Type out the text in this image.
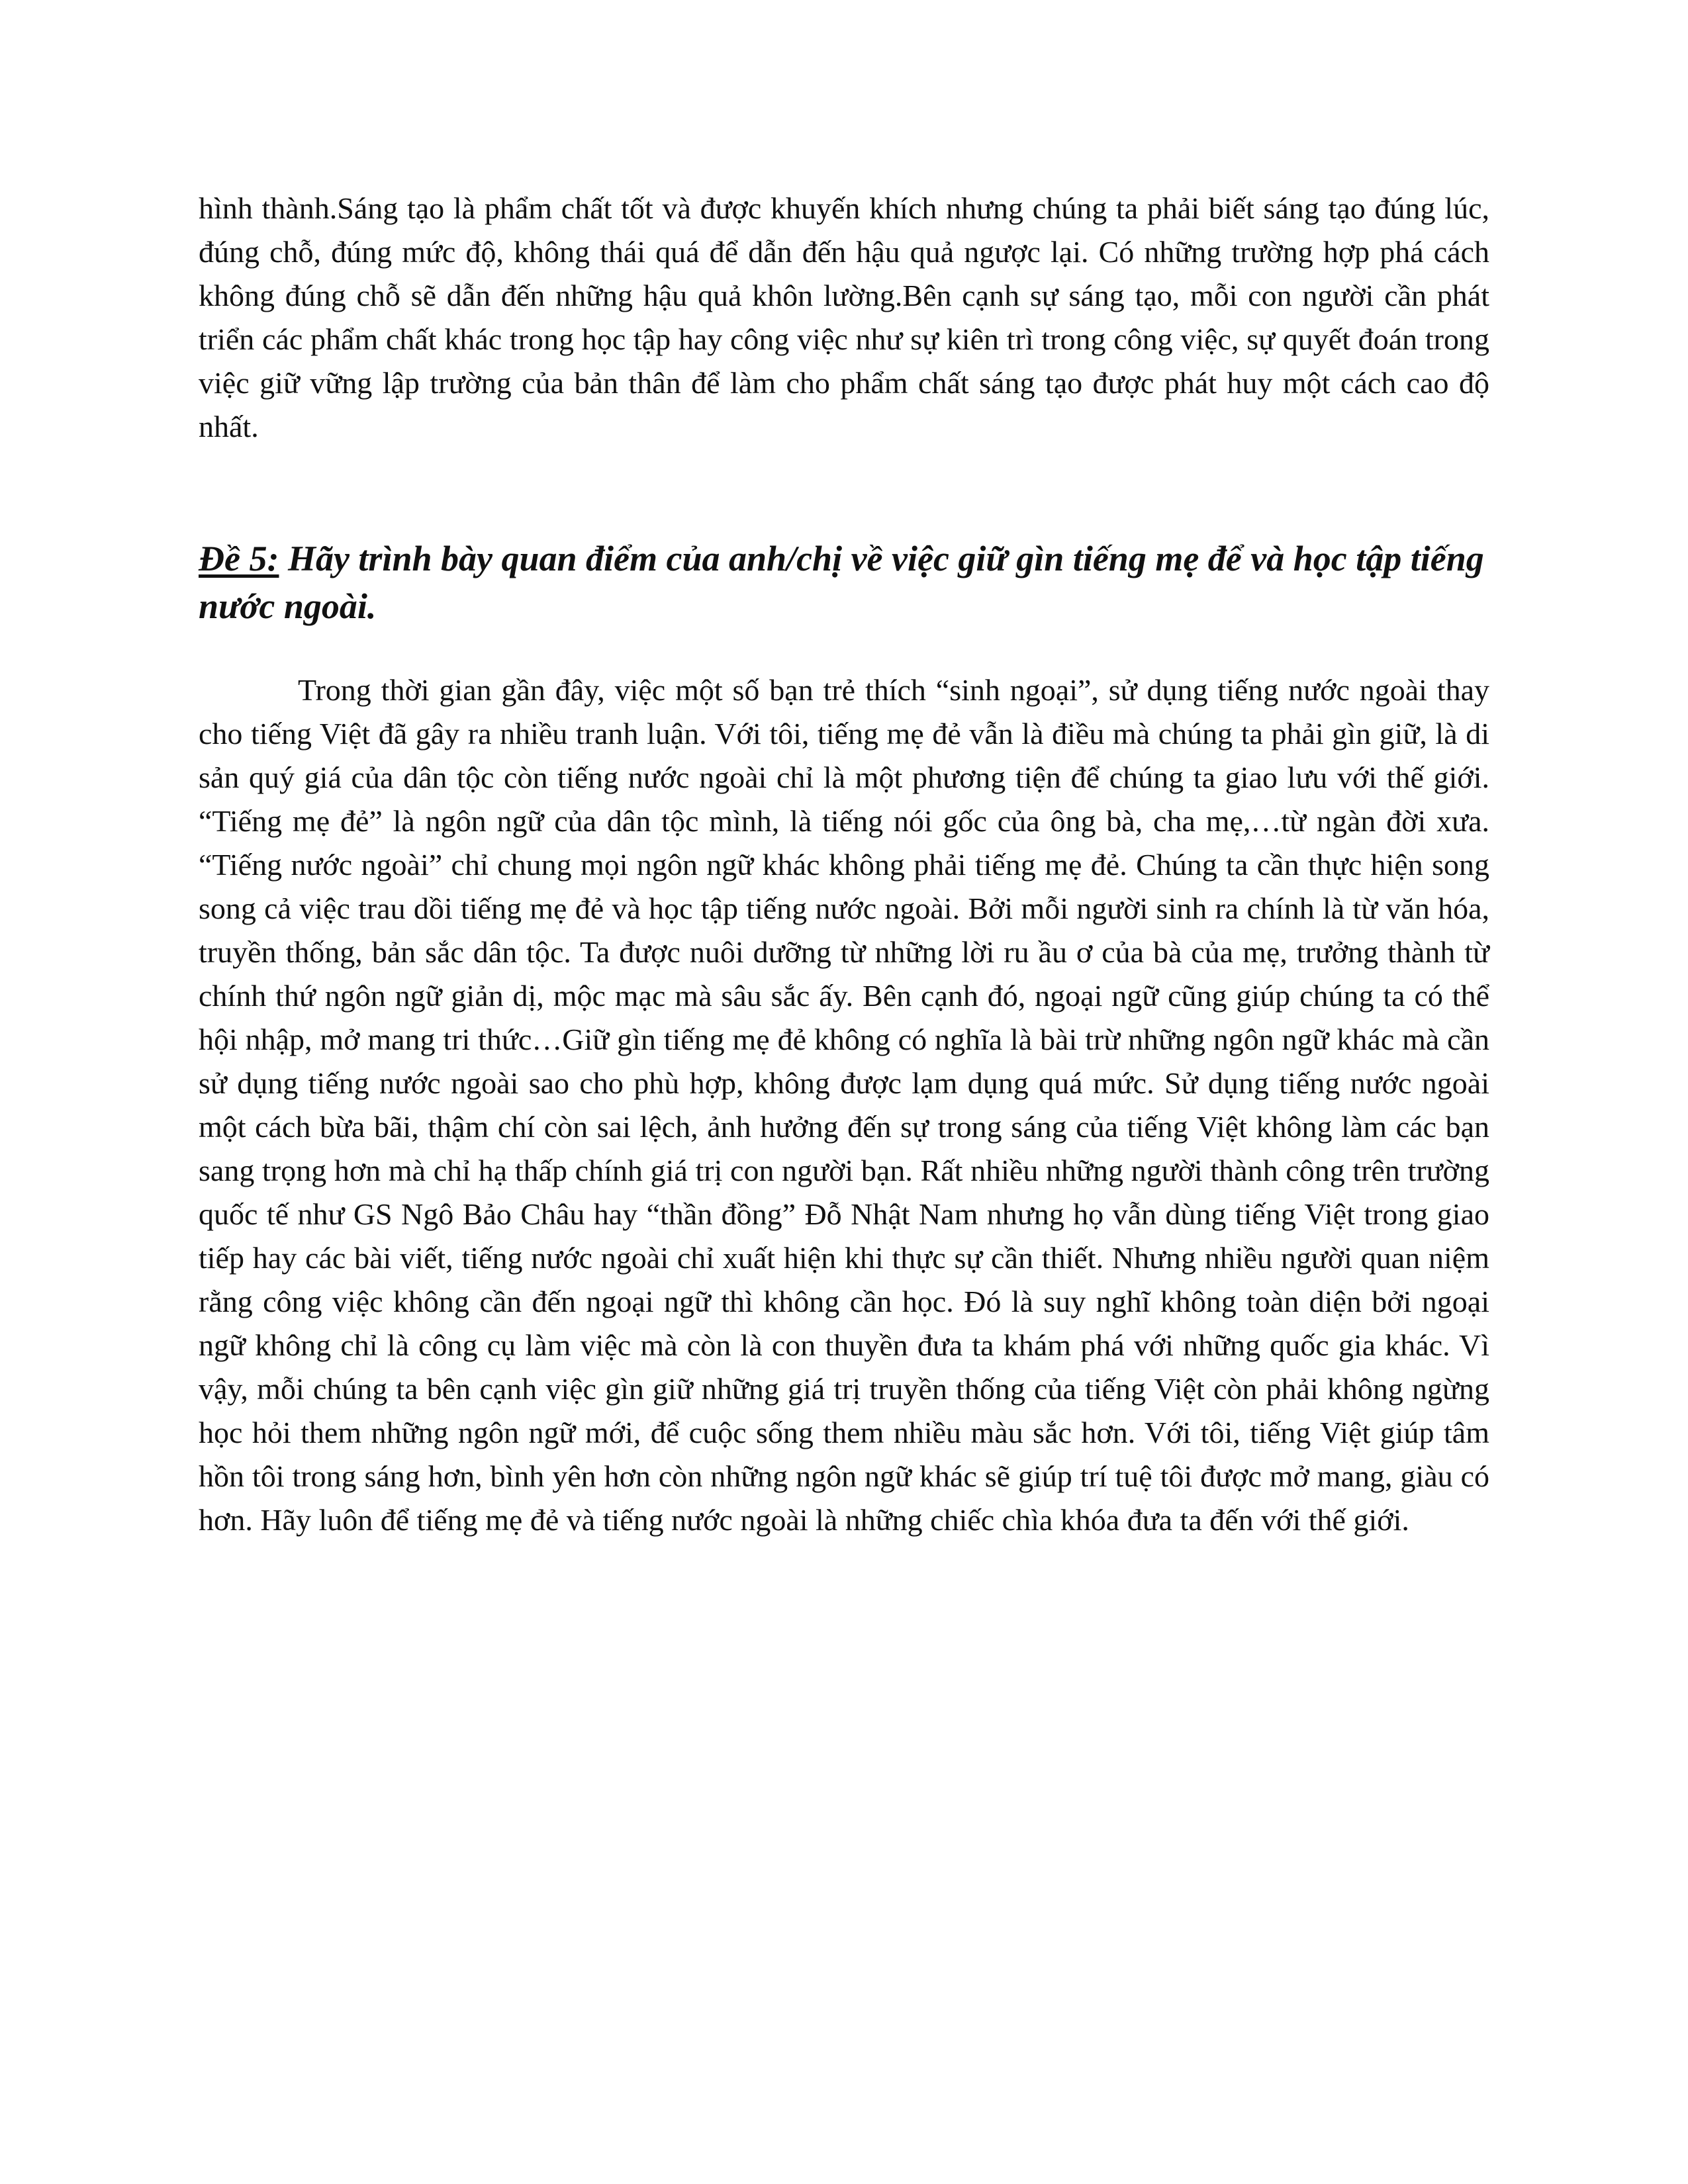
hình thành.Sáng tạo là phẩm chất tốt và được khuyến khích nhưng chúng ta phải biết sáng tạo đúng lúc, đúng chỗ, đúng mức độ, không thái quá để dẫn đến hậu quả ngược lại. Có những trường hợp phá cách không đúng chỗ sẽ dẫn đến những hậu quả khôn lường.Bên cạnh sự sáng tạo, mỗi con người cần phát triển các phẩm chất khác trong học tập hay công việc như sự kiên trì trong công việc, sự quyết đoán trong việc giữ vững lập trường của bản thân để làm cho phẩm chất sáng tạo được phát huy một cách cao độ nhất.

Đề 5: Hãy trình bày quan điểm của anh/chị về việc giữ gìn tiếng mẹ để và học tập tiếng nước ngoài.

Trong thời gian gần đây, việc một số bạn trẻ thích “sinh ngoại”, sử dụng tiếng nước ngoài thay cho tiếng Việt đã gây ra nhiều tranh luận. Với tôi, tiếng mẹ đẻ vẫn là điều mà chúng ta phải gìn giữ, là di sản quý giá của dân tộc còn tiếng nước ngoài chỉ là một phương tiện để chúng ta giao lưu với thế giới. “Tiếng mẹ đẻ” là ngôn ngữ của dân tộc mình, là tiếng nói gốc của ông bà, cha mẹ,…từ ngàn đời xưa. “Tiếng nước ngoài” chỉ chung mọi ngôn ngữ khác không phải tiếng mẹ đẻ. Chúng ta cần thực hiện song song cả việc trau dồi tiếng mẹ đẻ và học tập tiếng nước ngoài. Bởi mỗi người sinh ra chính là từ văn hóa, truyền thống, bản sắc dân tộc. Ta được nuôi dưỡng từ những lời ru ầu ơ của bà của mẹ, trưởng thành từ chính thứ ngôn ngữ giản dị, mộc mạc mà sâu sắc ấy. Bên cạnh đó, ngoại ngữ cũng giúp chúng ta có thể hội nhập, mở mang tri thức…Giữ gìn tiếng mẹ đẻ không có nghĩa là bài trừ những ngôn ngữ khác mà cần sử dụng tiếng nước ngoài sao cho phù hợp, không được lạm dụng quá mức. Sử dụng tiếng nước ngoài một cách bừa bãi, thậm chí còn sai lệch, ảnh hưởng đến sự trong sáng của tiếng Việt không làm các bạn sang trọng hơn mà chỉ hạ thấp chính giá trị con người bạn. Rất nhiều những người thành công trên trường quốc tế như GS Ngô Bảo Châu hay “thần đồng” Đỗ Nhật Nam nhưng họ vẫn dùng tiếng Việt trong giao tiếp hay các bài viết, tiếng nước ngoài chỉ xuất hiện khi thực sự cần thiết. Nhưng nhiều người quan niệm rằng công việc không cần đến ngoại ngữ thì không cần học. Đó là suy nghĩ không toàn diện bởi ngoại ngữ không chỉ là công cụ làm việc mà còn là con thuyền đưa ta khám phá với những quốc gia khác. Vì vậy, mỗi chúng ta bên cạnh việc gìn giữ những giá trị truyền thống của tiếng Việt còn phải không ngừng học hỏi them những ngôn ngữ mới, để cuộc sống them nhiều màu sắc hơn. Với tôi, tiếng Việt giúp tâm hồn tôi trong sáng hơn, bình yên hơn còn những ngôn ngữ khác sẽ giúp trí tuệ tôi được mở mang, giàu có hơn. Hãy luôn để tiếng mẹ đẻ và tiếng nước ngoài là những chiếc chìa khóa đưa ta đến với thế giới.
